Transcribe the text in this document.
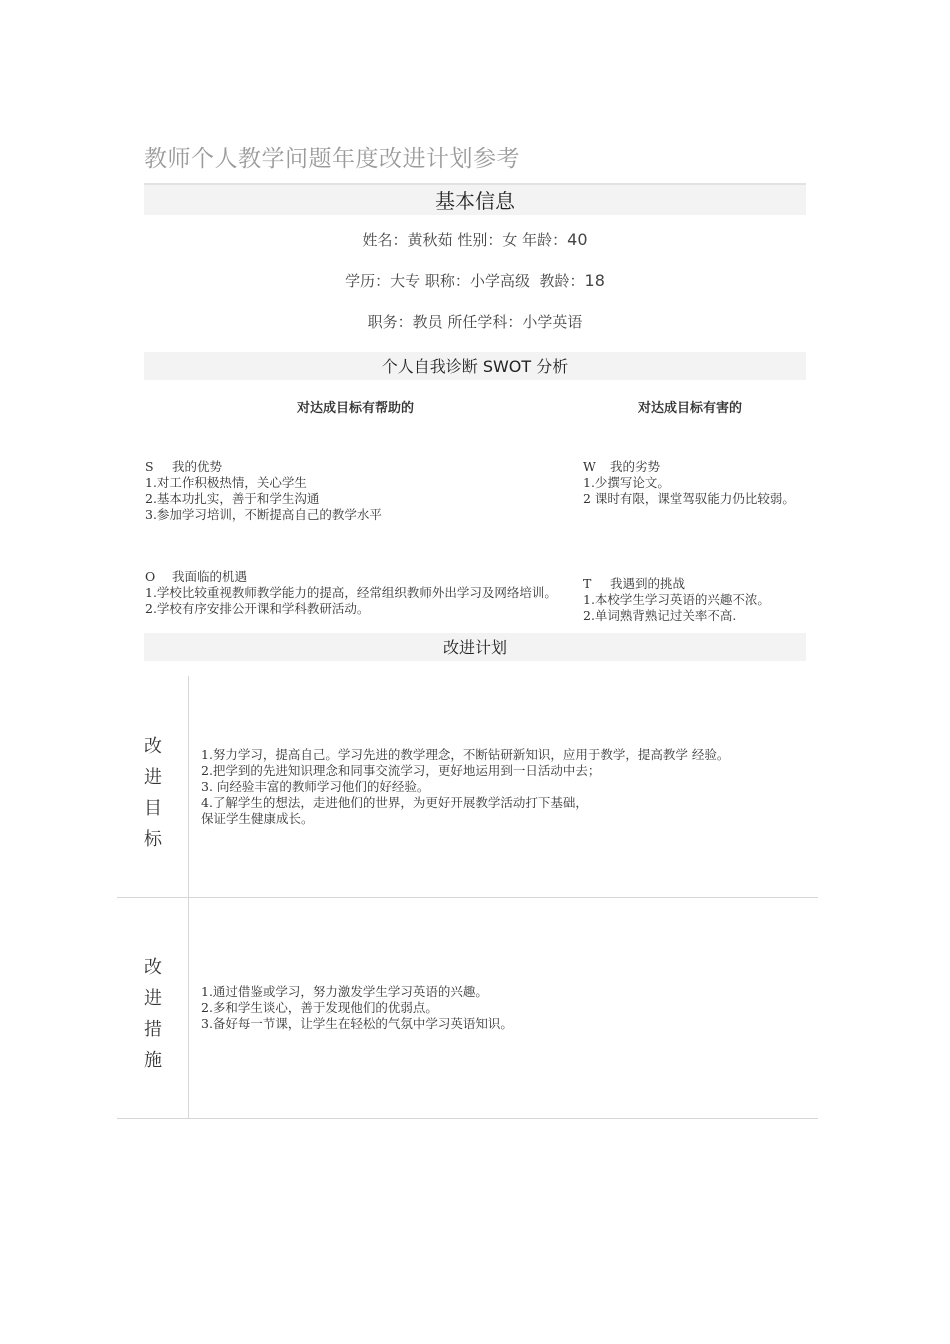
教师个人教学问题年度改进计划参考
基本信息
姓名：黄秋茹 性别：女 年龄：40
学历：大专 职称：小学高级 教龄：18
职务：教员 所任学科：小学英语
个人自我诊断 SWOT 分析
对达成目标有帮助的	对达成目标有害的
S 我的优势
1.对工作积极热情，关心学生
2.基本功扎实，善于和学生沟通
3.参加学习培训，不断提高自己的教学水平
W 我的劣势
1.少撰写论文。
2 课时有限，课堂驾驭能力仍比较弱。
O 我面临的机遇
1.学校比较重视教师教学能力的提高，经常组织教师外出学习及网络培训。
2.学校有序安排公开课和学科教研活动。
T 我遇到的挑战
1.本校学生学习英语的兴趣不浓。
2.单词熟背熟记过关率不高.
改进计划
改
进
目
标
1.努力学习，提高自己。学习先进的教学理念，不断钻研新知识，应用于教学，提高教学 经验。
2.把学到的先进知识理念和同事交流学习，更好地运用到一日活动中去；
3. 向经验丰富的教师学习他们的好经验。
4.了解学生的想法，走进他们的世界，为更好开展教学活动打下基础，
保证学生健康成长。
改
进
措
施
1.通过借鉴或学习，努力激发学生学习英语的兴趣。
2.多和学生谈心，善于发现他们的优弱点。
3.备好每一节课，让学生在轻松的气氛中学习英语知识。
